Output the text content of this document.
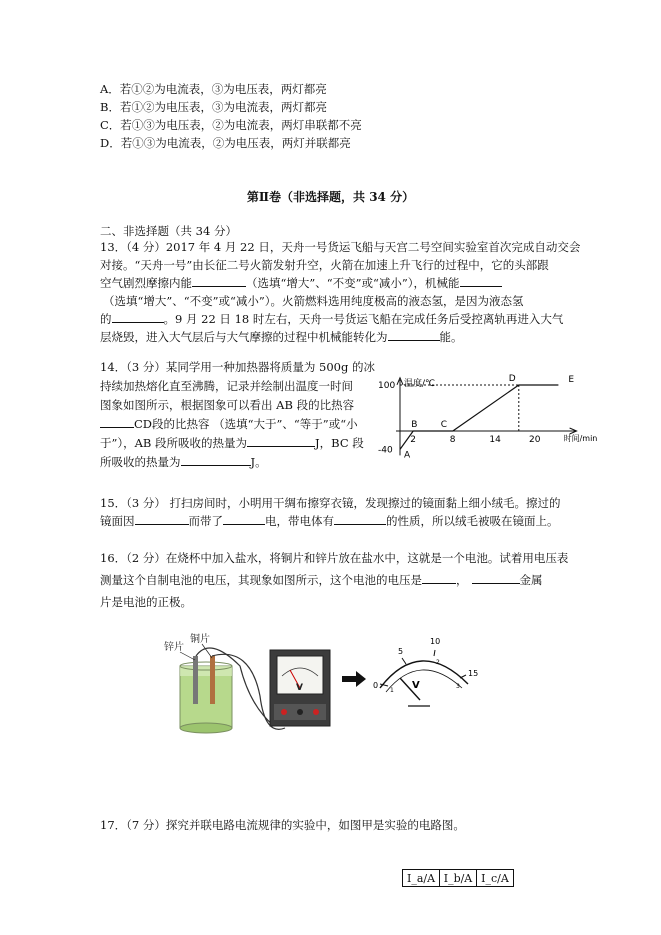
A．若①②为电流表，③为电压表，两灯都亮
B．若①②为电压表，③为电流表，两灯都亮
C．若①③为电压表，②为电流表，两灯串联都不亮
D．若①③为电流表，②为电压表，两灯并联都亮
第Ⅱ卷（非选择题，共 34 分）
二、非选择题（共 34 分）
13．（4 分）2017 年 4 月 22 日，天舟一号货运飞船与天宫二号空间实验室首次完成自动交会
对接。“天舟一号”由长征二号火箭发射升空，火箭在加速上升飞行的过程中，它的头部跟
空气剧烈摩擦内能	（选填“增大”、“不变”或“减小”），机械能
（选填“增大”、“不变”或“减小”）。火箭燃料选用纯度极高的液态氢，是因为液态氢
的	。9 月 22 日 18 时左右，天舟一号货运飞船在完成任务后受控离轨再进入大气
层烧毁，进入大气层后与大气摩擦的过程中机械能转化为	能。
14．（3 分）某同学用一种加热器将质量为 500g 的冰
持续加热熔化直至沸腾，记录并绘制出温度一时间
图象如图所示，根据图象可以看出 AB 段的比热容
CD段的比热容 （选填“大于”、“等于”或“小
于”），AB 段所吸收的热量为	J，BC 段
所吸收的热量为	J。
温度/℃
时间/min
100
-40
2	8	14	20
A
B	C
D	E
15．（3 分） 打扫房间时，小明用干绸布擦穿衣镜，发现擦过的镜面黏上细小绒毛。擦过的
镜面因	而带了	电，带电体有	的性质，所以绒毛被吸在镜面上。
16．（2 分）在烧杯中加入盐水，将铜片和锌片放在盐水中，这就是一个电池。试着用电压表
测量这个自制电池的电压，其现象如图所示，这个电池的电压是	，	金属
片是电池的正极。
锌片
铜片
V	V
0
5
10
15
1
2
3
17．（7 分）探究并联电路电流规律的实验中，如图甲是实验的电路图。
I_a/A	I_b/A	I_c/A
